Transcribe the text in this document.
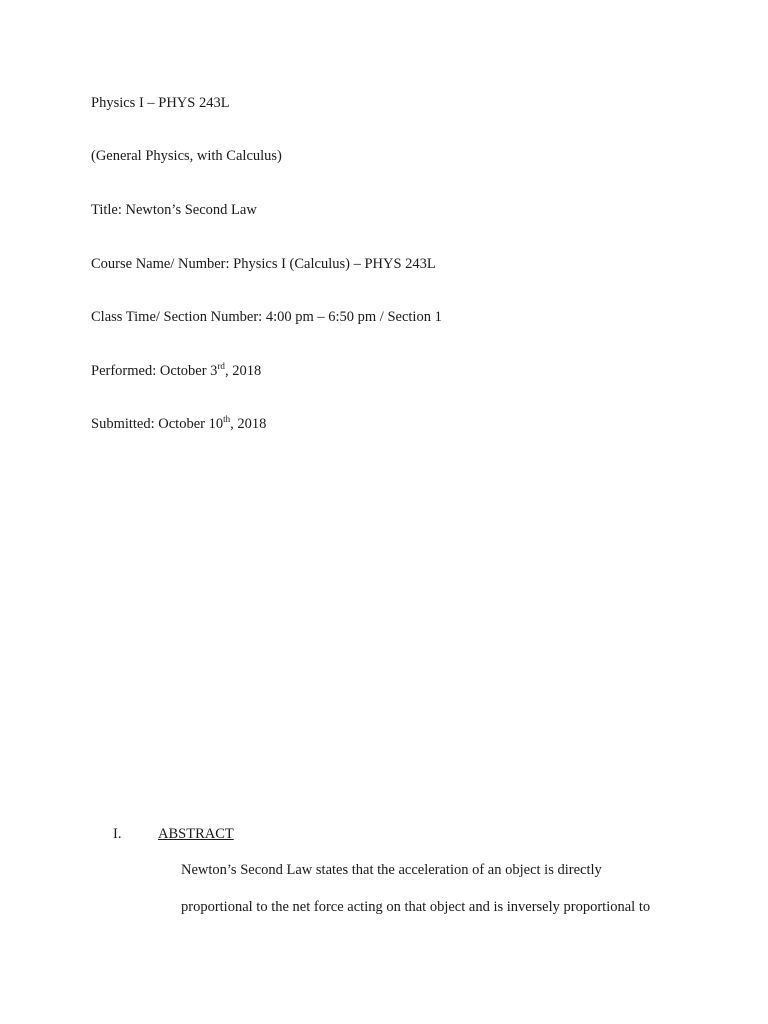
Physics I – PHYS 243L
(General Physics, with Calculus)
Title: Newton’s Second Law
Course Name/ Number: Physics I (Calculus) – PHYS 243L
Class Time/ Section Number: 4:00 pm – 6:50 pm / Section 1
Performed: October 3rd, 2018
Submitted: October 10th, 2018
I.	ABSTRACT
Newton’s Second Law states that the acceleration of an object is directly
proportional to the net force acting on that object and is inversely proportional to
